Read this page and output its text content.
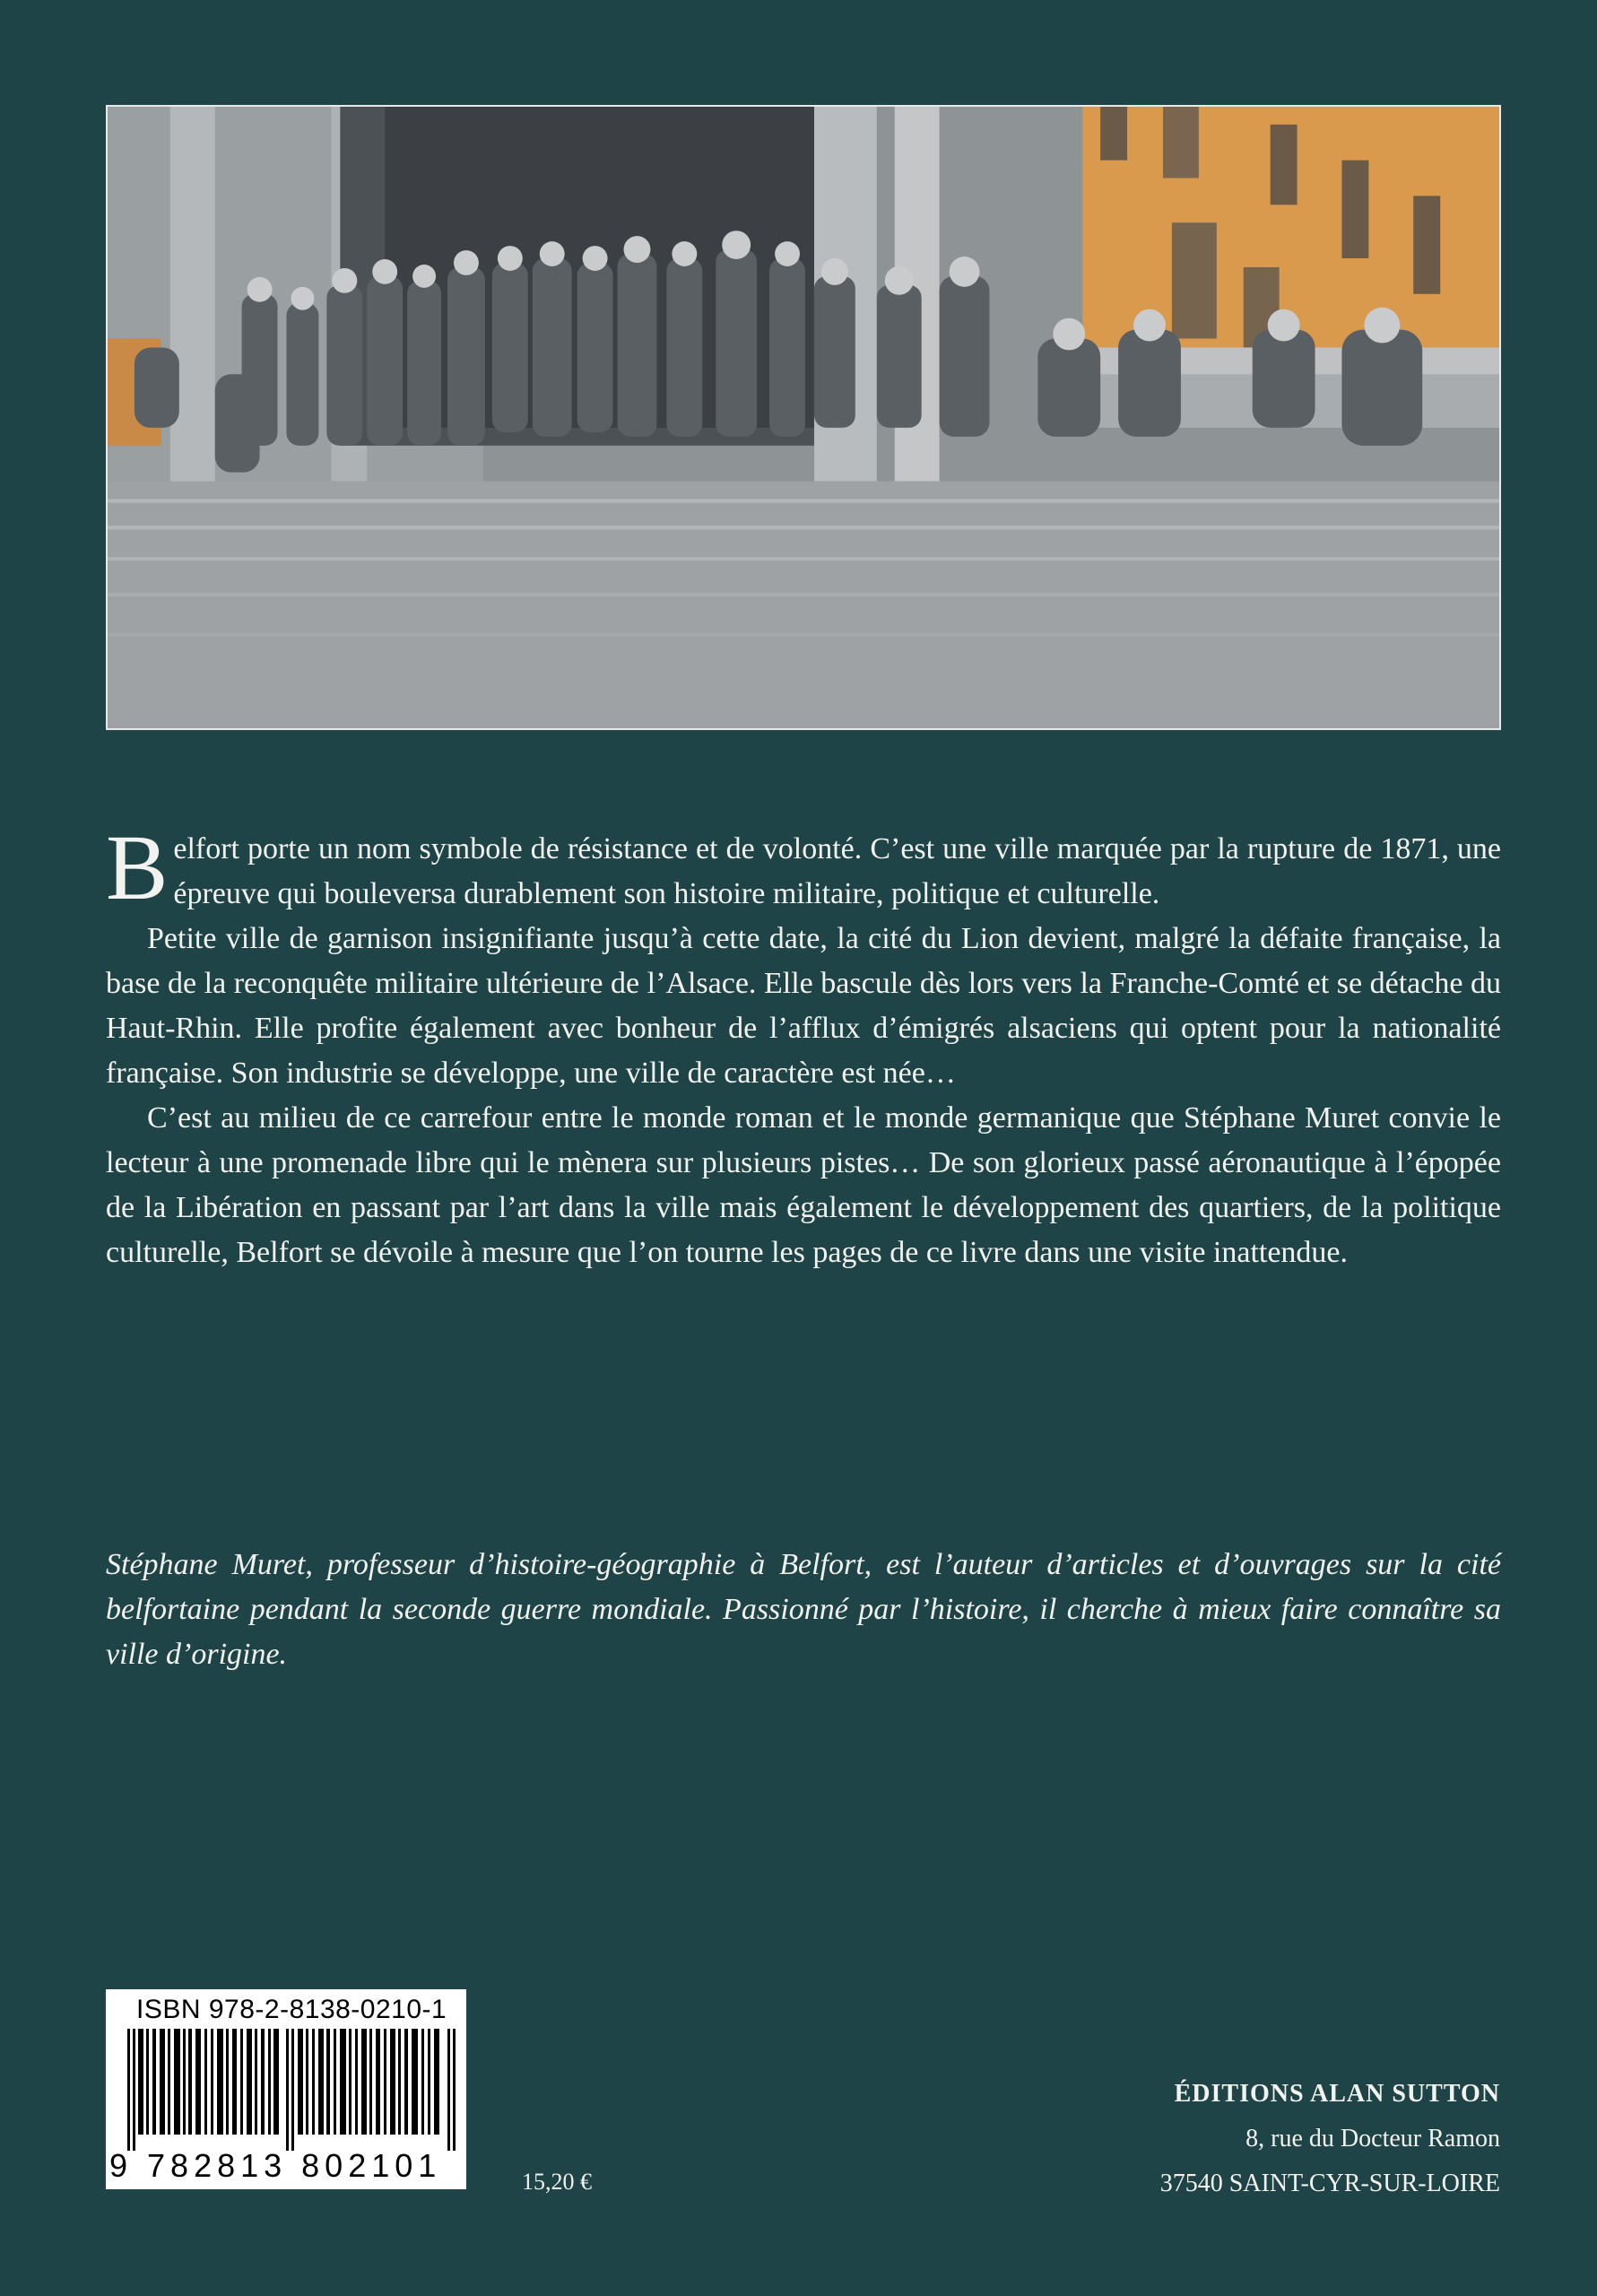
Belfort porte un nom symbole de résistance et de volonté. C’est une ville marquée par la rupture de 1871, une épreuve qui bouleversa durablement son histoire militaire, politique et culturelle.

Petite ville de garnison insignifiante jusqu’à cette date, la cité du Lion devient, malgré la défaite française, la base de la reconquête militaire ultérieure de l’Alsace. Elle bascule dès lors vers la Franche-Comté et se détache du Haut-Rhin. Elle profite également avec bonheur de l’afflux d’émigrés alsaciens qui optent pour la nationalité française. Son industrie se développe, une ville de caractère est née…

C’est au milieu de ce carrefour entre le monde roman et le monde germanique que Stéphane Muret convie le lecteur à une promenade libre qui le mènera sur plusieurs pistes… De son glorieux passé aéronautique à l’épopée de la Libération en passant par l’art dans la ville mais également le développement des quartiers, de la politique culturelle, Belfort se dévoile à mesure que l’on tourne les pages de ce livre dans une visite inattendue.

Stéphane Muret, professeur d’histoire-géographie à Belfort, est l’auteur d’articles et d’ouvrages sur la cité belfortaine pendant la seconde guerre mondiale. Passionné par l’histoire, il cherche à mieux faire connaître sa ville d’origine.
ISBN 978-2-8138-0210-1
9 782813 802101	15,20 €
ÉDITIONS ALAN SUTTON
8, rue du Docteur Ramon
37540 SAINT-CYR-SUR-LOIRE
